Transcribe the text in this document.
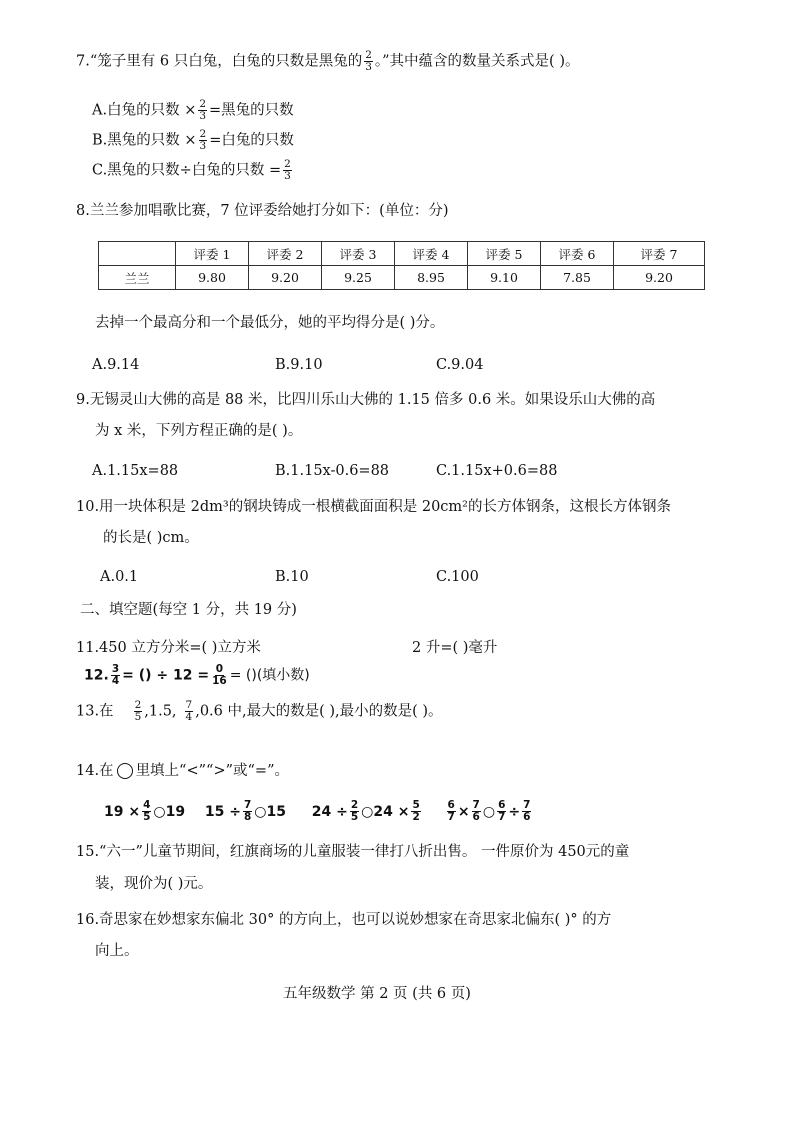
7.“笼子里有 6 只白兔，白兔的只数是黑兔的 $\frac{2}{3}$ 。”其中蕴含的数量关系式是( )。
A.白兔的只数 × $\frac{2}{3}$ =黑兔的只数
B.黑兔的只数 × $\frac{2}{3}$ =白兔的只数
C.黑兔的只数÷白兔的只数 = $\frac{2}{3}$
8.兰兰参加唱歌比赛，7 位评委给她打分如下：(单位：分)
	评委 1	评委 2	评委 3	评委 4	评委 5	评委 6	评委 7
兰兰	9.80	9.20	9.25	8.95	9.10	7.85	9.20
去掉一个最高分和一个最低分，她的平均得分是( )分。
A.9.14	B.9.10	C.9.04
9.无锡灵山大佛的高是 88 米，比四川乐山大佛的 1.15 倍多 0.6 米。如果设乐山大佛的高
为 x 米，下列方程正确的是( )。
A.1.15x=88	B.1.15x-0.6=88	C.1.15x+0.6=88
10.用一块体积是 2dm³的钢块铸成一根横截面面积是 20cm²的长方体钢条，这根长方体钢条
的长是( )cm。
A.0.1	B.10	C.100
二、填空题(每空 1 分，共 19 分)
11.450 立方分米=( )立方米	2 升=( )毫升
12. $\frac{3}{4}$ = () ÷ $12 = \frac{0}{16}$ = ()(填小数)
13.在 $\frac{2}{5} ,1.5$, $\frac{7}{4} ,0.6$ 中,最大的数是( ),最小的数是( )。
14.在 里填上“<”“>”或“=”。
$19 \times \frac{4}{5}$ ○19 $15 \div \frac{7}{8}$ ○15 $24 \div \frac{2}{5}$ ○24 × $\frac{5}{2}$
$\frac{6}{7} \times \frac{7}{6}$ ○ $\frac{6}{7} \div \frac{7}{6}$
15.“六一”儿童节期间，红旗商场的儿童服装一律打八折出售。 一件原价为 450元的童
装，现价为( )元。
16.奇思家在妙想家东偏北 30° 的方向上，也可以说妙想家在奇思家北偏东( )° 的方
向上。
五年级数学 第 2 页 (共 6 页)
